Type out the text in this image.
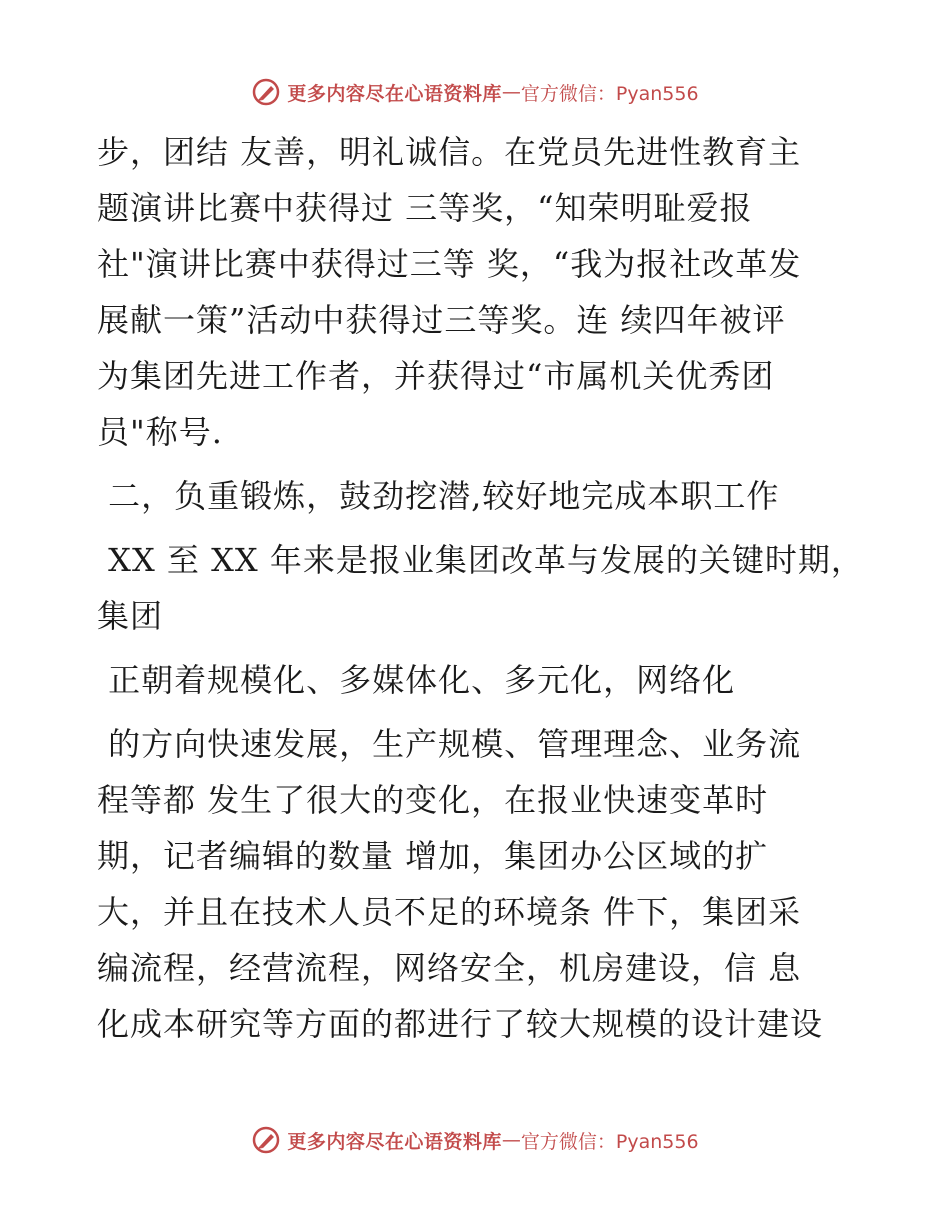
更多内容尽在心语资料库 — 官方微信：Pyan556
步，团结 友善，明礼诚信。在党员先进性教育主
题演讲比赛中获得过 三等奖，“知荣明耻爱报
社"演讲比赛中获得过三等 奖，“我为报社改革发
展献一策”活动中获得过三等奖。连 续四年被评
为集团先进工作者，并获得过“市属机关优秀团
员"称号.
二，负重锻炼，鼓劲挖潜,较好地完成本职工作
XX 至 XX 年来是报业集团改革与发展的关键时期，
集团
正朝着规模化、多媒体化、多元化，网络化
的方向快速发展，生产规模、管理理念、业务流
程等都 发生了很大的变化，在报业快速变革时
期，记者编辑的数量 增加，集团办公区域的扩
大，并且在技术人员不足的环境条 件下，集团采
编流程，经营流程，网络安全，机房建设，信 息
化成本研究等方面的都进行了较大规模的设计建设
更多内容尽在心语资料库 — 官方微信：Pyan556
